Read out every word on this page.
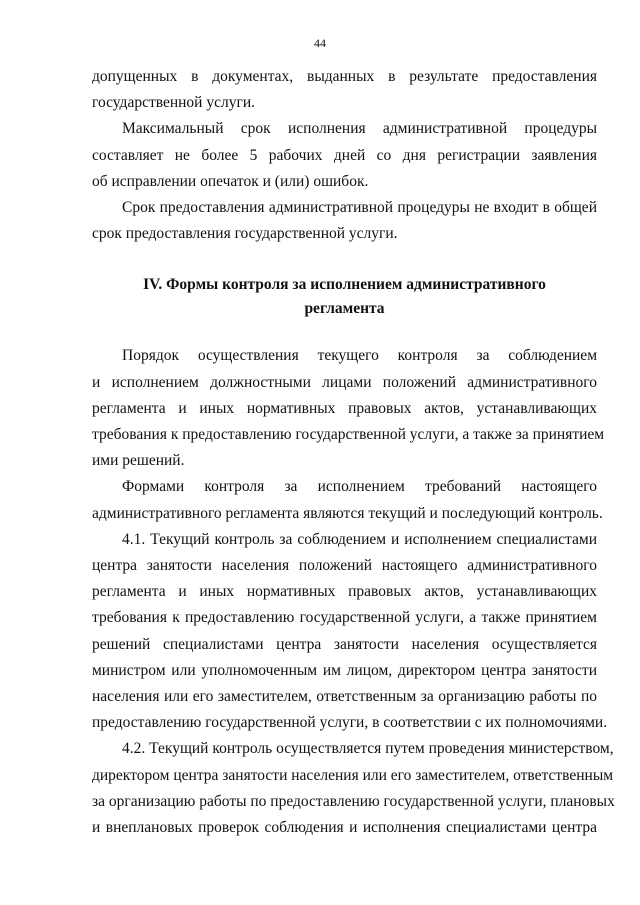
44

допущенных в документах, выданных в результате предоставления
государственной услуги.

Максимальный срок исполнения административной процедуры
составляет не более 5 рабочих дней со дня регистрации заявления
об исправлении опечаток и (или) ошибок.

Срок предоставления административной процедуры не входит в общей
срок предоставления государственной услуги.

IV. Формы контроля за исполнением административного
регламента

Порядок осуществления текущего контроля за соблюдением
и исполнением должностными лицами положений административного
регламента и иных нормативных правовых актов, устанавливающих
требования к предоставлению государственной услуги, а также за принятием
ими решений.

Формами контроля за исполнением требований настоящего
административного регламента являются текущий и последующий контроль.

4.1. Текущий контроль за соблюдением и исполнением специалистами
центра занятости населения положений настоящего административного
регламента и иных нормативных правовых актов, устанавливающих
требования к предоставлению государственной услуги, а также принятием
решений специалистами центра занятости населения осуществляется
министром или уполномоченным им лицом, директором центра занятости
населения или его заместителем, ответственным за организацию работы по
предоставлению государственной услуги, в соответствии с их полномочиями.

4.2. Текущий контроль осуществляется путем проведения министерством,
директором центра занятости населения или его заместителем, ответственным
за организацию работы по предоставлению государственной услуги, плановых
и внеплановых проверок соблюдения и исполнения специалистами центра
